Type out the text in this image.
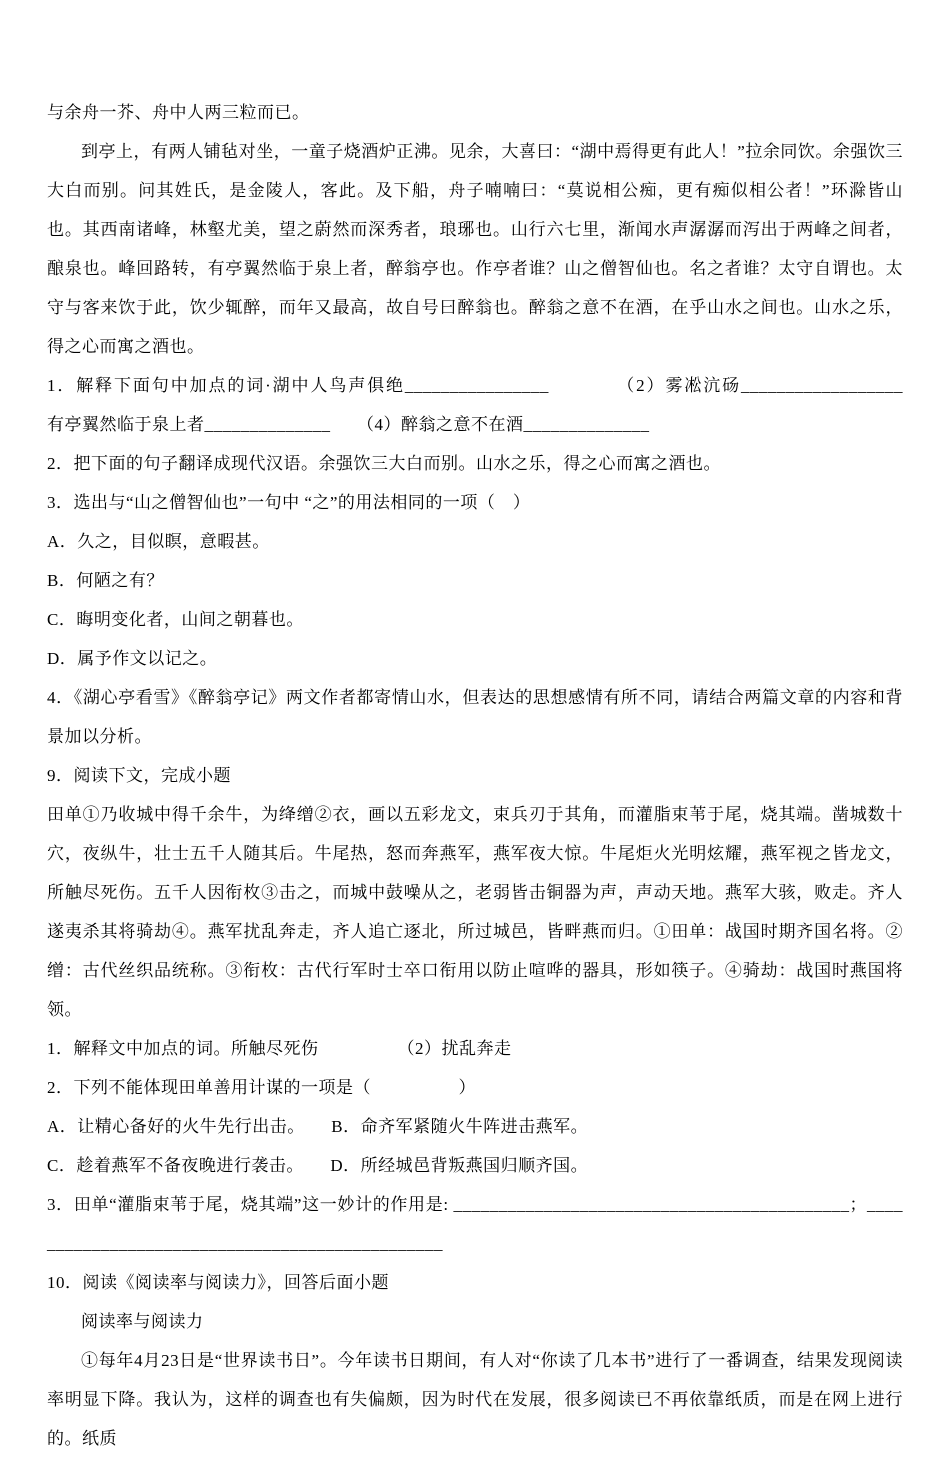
与余舟一芥、舟中人两三粒而已。

到亭上，有两人铺毡对坐，一童子烧酒炉正沸。见余，大喜曰：“湖中焉得更有此人！”拉余同饮。余强饮三大白而别。问其姓氏，是金陵人，客此。及下船，舟子喃喃曰：“莫说相公痴，更有痴似相公者！”环滁皆山也。其西南诸峰，林壑尤美，望之蔚然而深秀者，琅琊也。山行六七里，渐闻水声潺潺而泻出于两峰之间者，酿泉也。峰回路转，有亭翼然临于泉上者，醉翁亭也。作亭者谁？山之僧智仙也。名之者谁？太守自谓也。太守与客来饮于此，饮少辄醉，而年又最高，故自号曰醉翁也。醉翁之意不在酒，在乎山水之间也。山水之乐，得之心而寓之酒也。

1．解释下面句中加点的词·湖中人鸟声俱绝________________　　　　（2）雾凇沆砀__________________　　有亭翼然临于泉上者______________　　（4）醉翁之意不在酒______________

2．把下面的句子翻译成现代汉语。余强饮三大白而别。山水之乐，得之心而寓之酒也。

3．选出与“山之僧智仙也”一句中 “之”的用法相同的一项（　）

A．久之，目似瞑，意暇甚。

B．何陋之有？

C．晦明变化者，山间之朝暮也。

D．属予作文以记之。

4．《湖心亭看雪》《醉翁亭记》两文作者都寄情山水，但表达的思想感情有所不同，请结合两篇文章的内容和背景加以分析。

9．阅读下文，完成小题

田单①乃收城中得千余牛，为绛缯②衣，画以五彩龙文，束兵刃于其角，而灌脂束苇于尾，烧其端。凿城数十穴，夜纵牛，壮士五千人随其后。牛尾热，怒而奔燕军，燕军夜大惊。牛尾炬火光明炫耀，燕军视之皆龙文，所触尽死伤。五千人因衔枚③击之，而城中鼓噪从之，老弱皆击铜器为声，声动天地。燕军大骇，败走。齐人遂夷杀其将骑劫④。燕军扰乱奔走，齐人追亡逐北，所过城邑，皆畔燕而归。①田单：战国时期齐国名将。②缯：古代丝织品统称。③衔枚：古代行军时士卒口衔用以防止喧哗的器具，形如筷子。④骑劫：战国时燕国将领。

1．解释文中加点的词。所触尽死伤　　　　　（2）扰乱奔走

2．下列不能体现田单善用计谋的一项是（　　　　　）

A．让精心备好的火牛先行出击。　　B．命齐军紧随火牛阵进击燕军。

C．趁着燕军不备夜晚进行袭击。　　D．所经城邑背叛燕国归顺齐国。

3．田单“灌脂束苇于尾，烧其端”这一妙计的作用是: ____________________________________________；________________________________________________

10．阅读《阅读率与阅读力》，回答后面小题

阅读率与阅读力

①每年4月23日是“世界读书日”。今年读书日期间，有人对“你读了几本书”进行了一番调查，结果发现阅读率明显下降。我认为，这样的调查也有失偏颇，因为时代在发展，很多阅读已不再依靠纸质，而是在网上进行的。纸质
